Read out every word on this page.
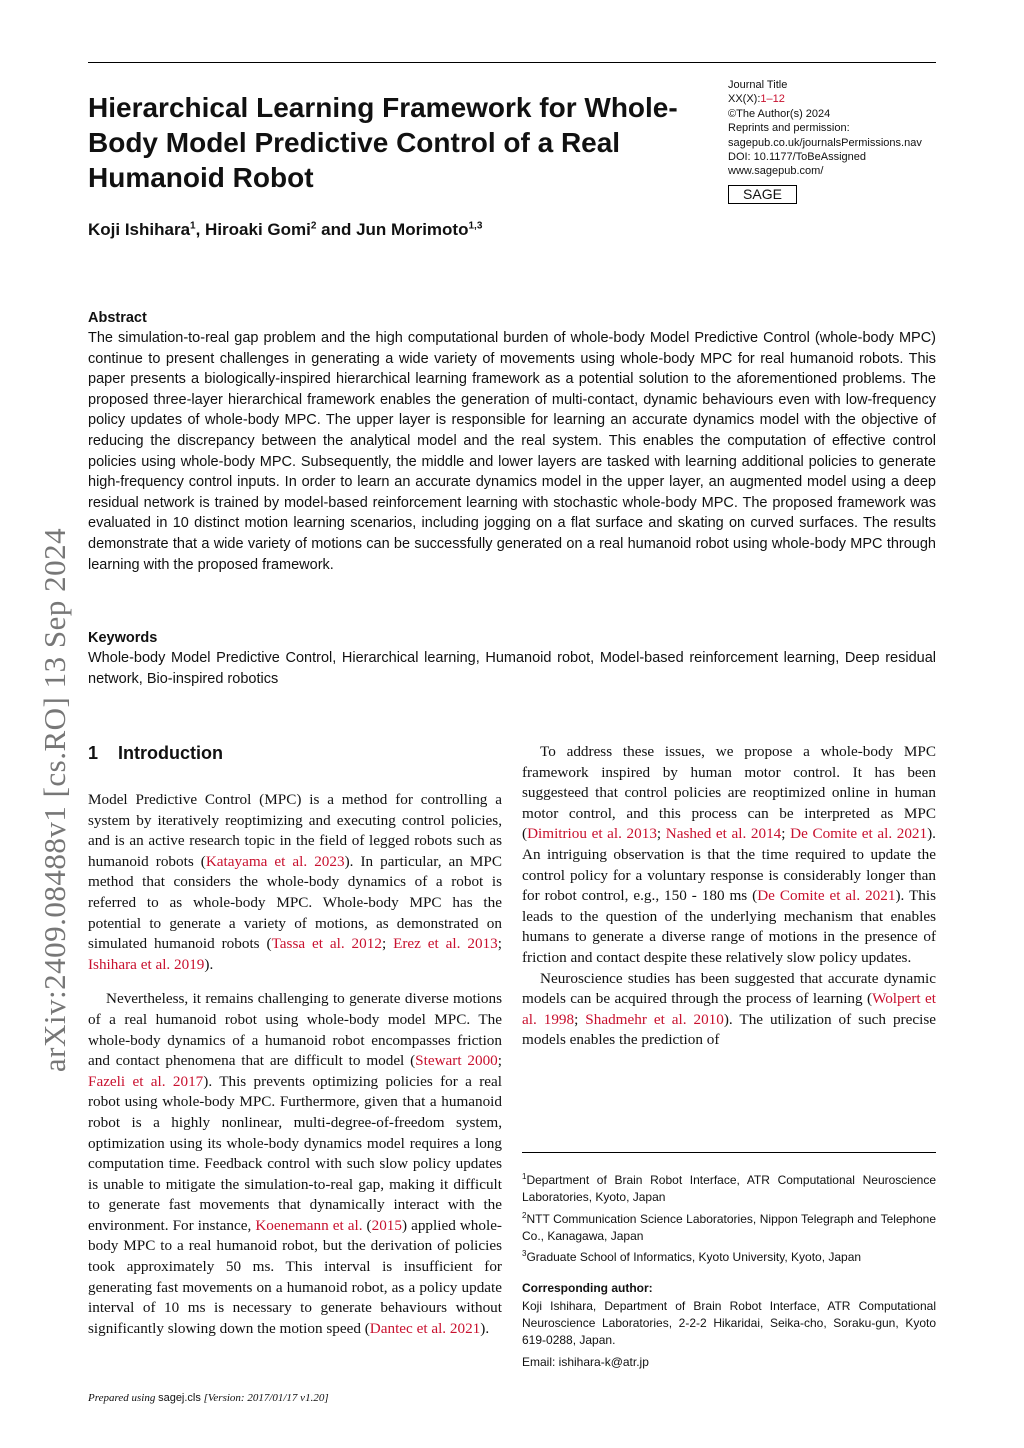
Hierarchical Learning Framework for Whole-Body Model Predictive Control of a Real Humanoid Robot
Journal Title
XX(X):1–12
©The Author(s) 2024
Reprints and permission:
sagepub.co.uk/journalsPermissions.nav
DOI: 10.1177/ToBeAssigned
www.sagepub.com/
SAGE
Koji Ishihara$^1$, Hiroaki Gomi$^2$ and Jun Morimoto$^{1,3}$

Abstract

The simulation-to-real gap problem and the high computational burden of whole-body Model Predictive Control (whole-body MPC) continue to present challenges in generating a wide variety of movements using whole-body MPC for real humanoid robots. This paper presents a biologically-inspired hierarchical learning framework as a potential solution to the aforementioned problems. The proposed three-layer hierarchical framework enables the generation of multi-contact, dynamic behaviours even with low-frequency policy updates of whole-body MPC. The upper layer is responsible for learning an accurate dynamics model with the objective of reducing the discrepancy between the analytical model and the real system. This enables the computation of effective control policies using whole-body MPC. Subsequently, the middle and lower layers are tasked with learning additional policies to generate high-frequency control inputs. In order to learn an accurate dynamics model in the upper layer, an augmented model using a deep residual network is trained by model-based reinforcement learning with stochastic whole-body MPC. The proposed framework was evaluated in 10 distinct motion learning scenarios, including jogging on a flat surface and skating on curved surfaces. The results demonstrate that a wide variety of motions can be successfully generated on a real humanoid robot using whole-body MPC through learning with the proposed framework.

Keywords

Whole-body Model Predictive Control, Hierarchical learning, Humanoid robot, Model-based reinforcement learning, Deep residual network, Bio-inspired robotics

1 Introduction

Model Predictive Control (MPC) is a method for controlling a system by iteratively reoptimizing and executing control policies, and is an active research topic in the field of legged robots such as humanoid robots (Katayama et al. 2023). In particular, an MPC method that considers the whole-body dynamics of a robot is referred to as whole-body MPC. Whole-body MPC has the potential to generate a variety of motions, as demonstrated on simulated humanoid robots (Tassa et al. 2012; Erez et al. 2013; Ishihara et al. 2019).

Nevertheless, it remains challenging to generate diverse motions of a real humanoid robot using whole-body model MPC. The whole-body dynamics of a humanoid robot encompasses friction and contact phenomena that are difficult to model (Stewart 2000; Fazeli et al. 2017). This prevents optimizing policies for a real robot using whole-body MPC. Furthermore, given that a humanoid robot is a highly nonlinear, multi-degree-of-freedom system, optimization using its whole-body dynamics model requires a long computation time. Feedback control with such slow policy updates is unable to mitigate the simulation-to-real gap, making it difficult to generate fast movements that dynamically interact with the environment. For instance, Koenemann et al. (2015) applied whole-body MPC to a real humanoid robot, but the derivation of policies took approximately 50 ms. This interval is insufficient for generating fast movements on a humanoid robot, as a policy update interval of 10 ms is necessary to generate behaviours without significantly slowing down the motion speed (Dantec et al. 2021).

To address these issues, we propose a whole-body MPC framework inspired by human motor control. It has been suggesteed that control policies are reoptimized online in human motor control, and this process can be interpreted as MPC (Dimitriou et al. 2013; Nashed et al. 2014; De Comite et al. 2021). An intriguing observation is that the time required to update the control policy for a voluntary response is considerably longer than for robot control, e.g., 150 - 180 ms (De Comite et al. 2021). This leads to the question of the underlying mechanism that enables humans to generate a diverse range of motions in the presence of friction and contact despite these relatively slow policy updates.

Neuroscience studies has been suggested that accurate dynamic models can be acquired through the process of learning (Wolpert et al. 1998; Shadmehr et al. 2010). The utilization of such precise models enables the prediction of

$^1$Department of Brain Robot Interface, ATR Computational Neuroscience Laboratories, Kyoto, Japan

$^2$NTT Communication Science Laboratories, Nippon Telegraph and Telephone Co., Kanagawa, Japan

$^3$Graduate School of Informatics, Kyoto University, Kyoto, Japan

Corresponding author:

Koji Ishihara, Department of Brain Robot Interface, ATR Computational Neuroscience Laboratories, 2-2-2 Hikaridai, Seika-cho, Soraku-gun, Kyoto 619-0288, Japan.

Email: ishihara-k@atr.jp

Prepared using sagej.cls [Version: 2017/01/17 v1.20]
arXiv:2409.08488v1 [cs.RO] 13 Sep 2024
